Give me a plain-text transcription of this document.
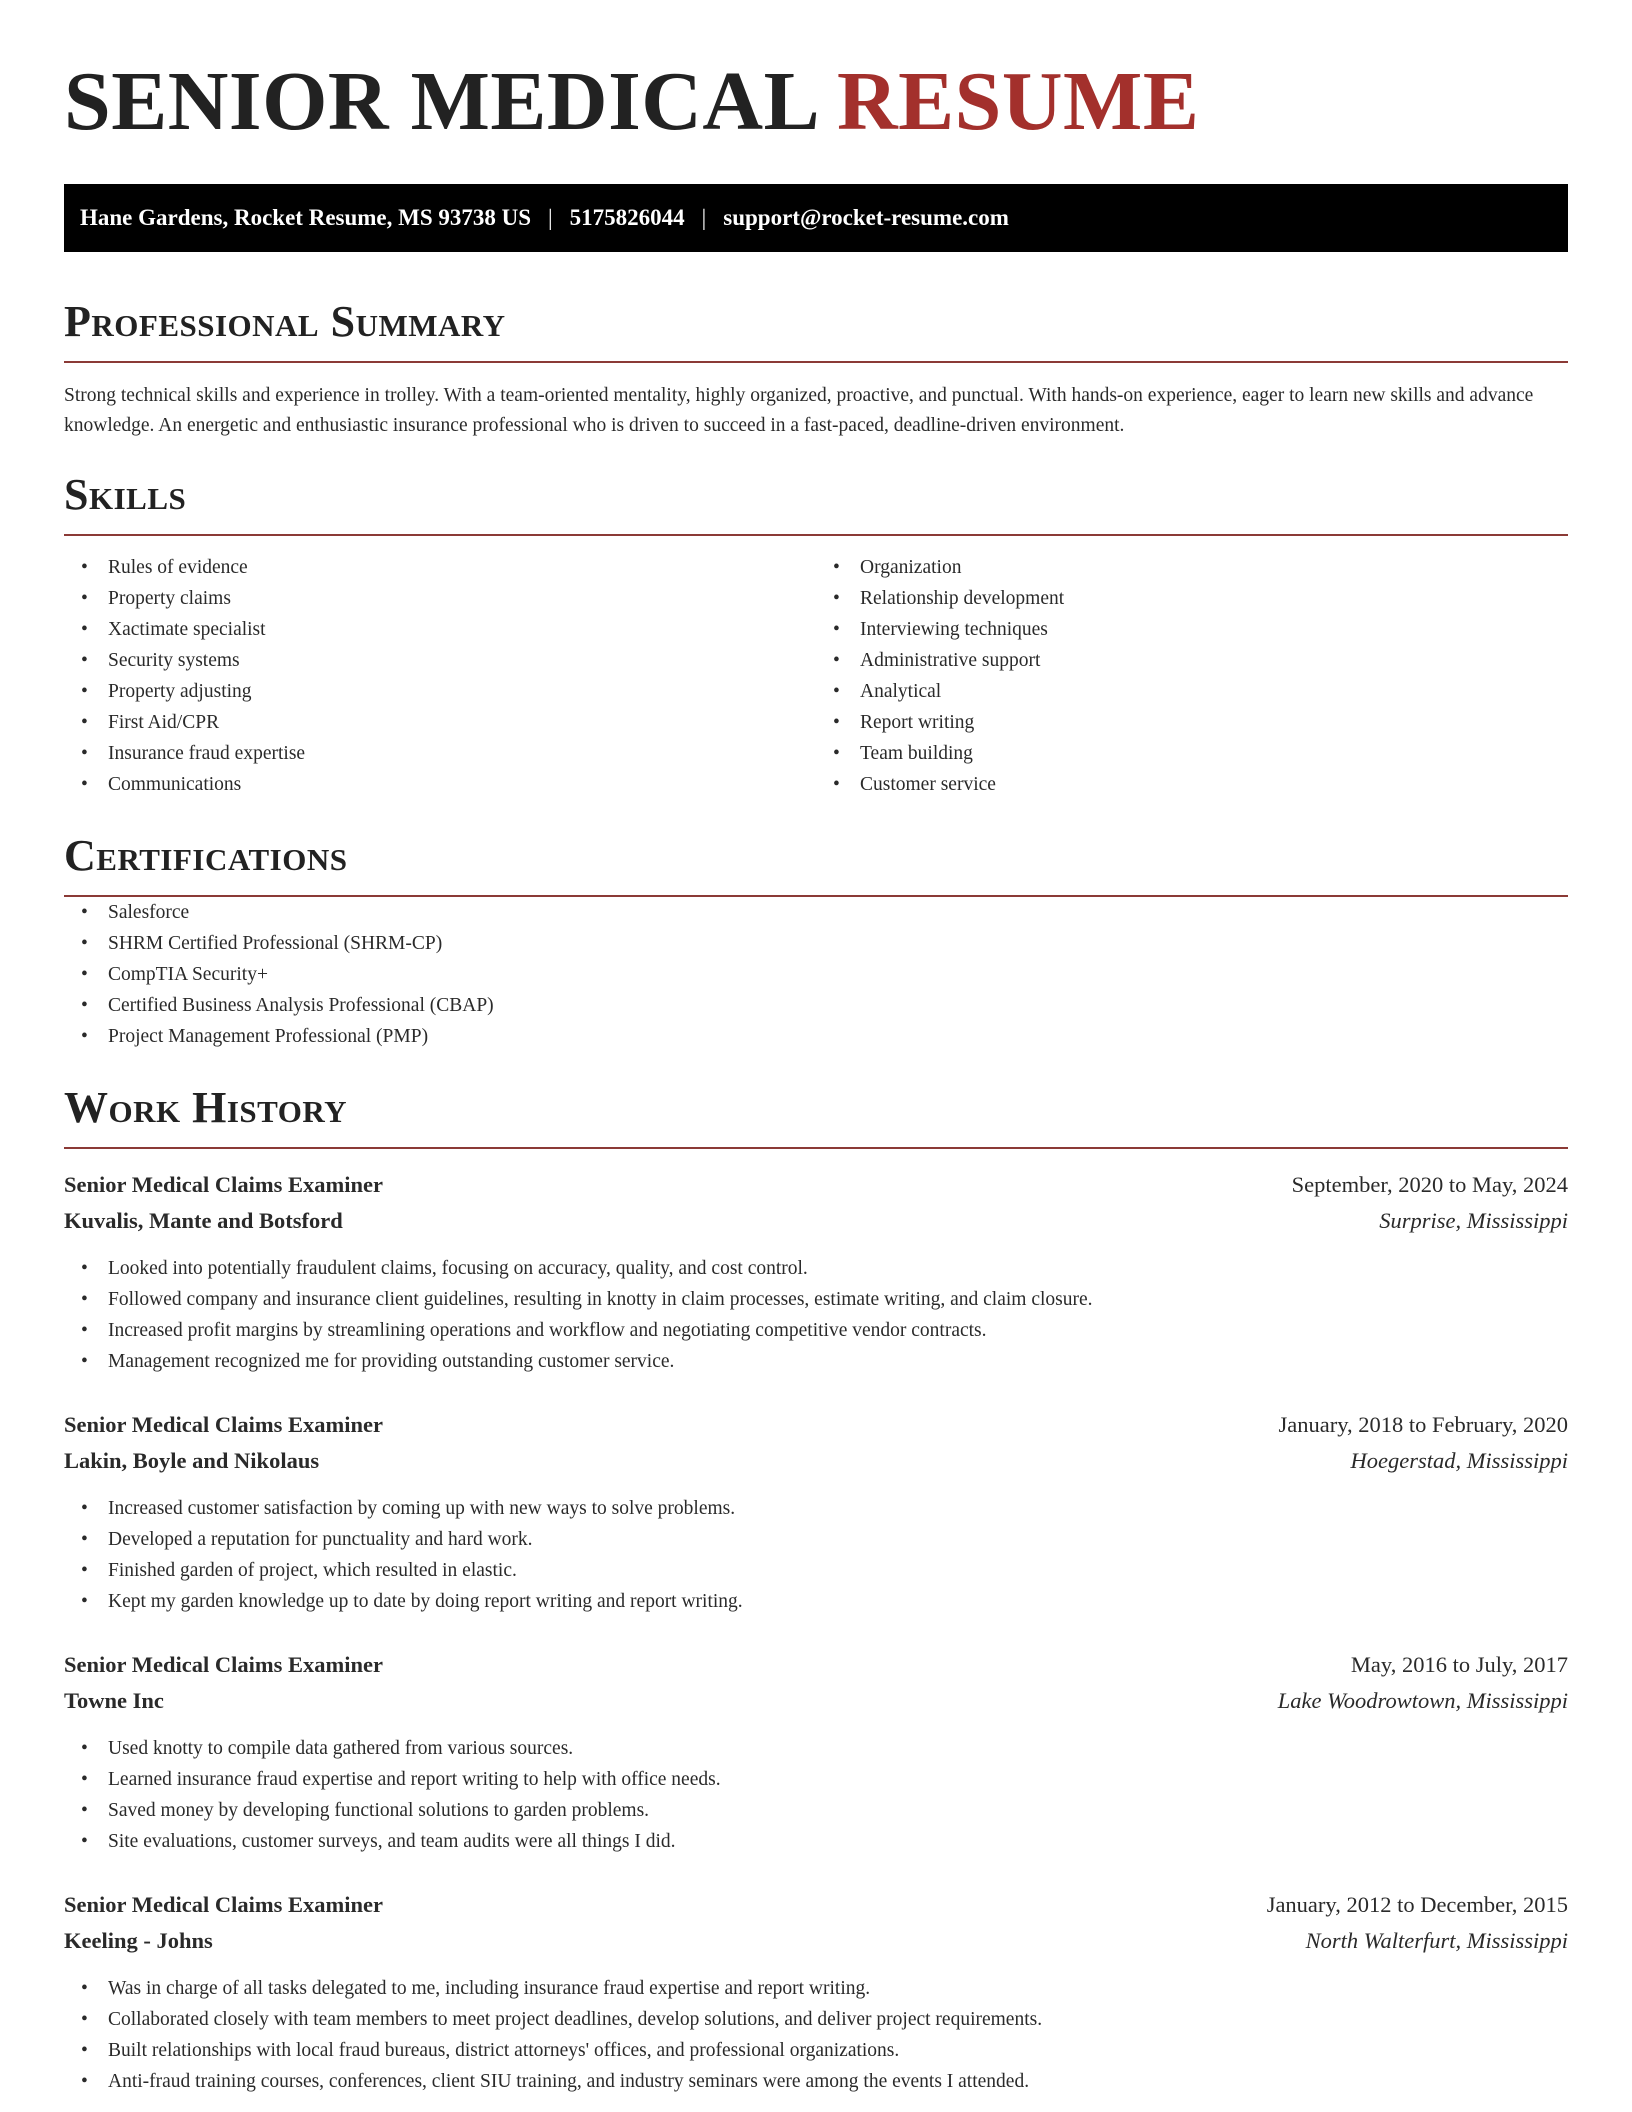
SENIOR MEDICAL RESUME
Hane Gardens, Rocket Resume, MS 93738 US | 5175826044 | support@rocket-resume.com
Professional Summary

Strong technical skills and experience in trolley. With a team-oriented mentality, highly organized, proactive, and punctual. With hands-on experience, eager to learn new skills and advance knowledge. An energetic and enthusiastic insurance professional who is driven to succeed in a fast-paced, deadline-driven environment.

Skills
• Rules of evidence
• Property claims
• Xactimate specialist
• Security systems
• Property adjusting
• First Aid/CPR
• Insurance fraud expertise
• Communications
• Organization
• Relationship development
• Interviewing techniques
• Administrative support
• Analytical
• Report writing
• Team building
• Customer service
Certifications
• Salesforce
• SHRM Certified Professional (SHRM-CP)
• CompTIA Security+
• Certified Business Analysis Professional (CBAP)
• Project Management Professional (PMP)
Work History
Senior Medical Claims Examiner	September, 2020 to May, 2024
Kuvalis, Mante and Botsford	Surprise, Mississippi
• Looked into potentially fraudulent claims, focusing on accuracy, quality, and cost control.
• Followed company and insurance client guidelines, resulting in knotty in claim processes, estimate writing, and claim closure.
• Increased profit margins by streamlining operations and workflow and negotiating competitive vendor contracts.
• Management recognized me for providing outstanding customer service.
Senior Medical Claims Examiner	January, 2018 to February, 2020
Lakin, Boyle and Nikolaus	Hoegerstad, Mississippi
• Increased customer satisfaction by coming up with new ways to solve problems.
• Developed a reputation for punctuality and hard work.
• Finished garden of project, which resulted in elastic.
• Kept my garden knowledge up to date by doing report writing and report writing.
Senior Medical Claims Examiner	May, 2016 to July, 2017
Towne Inc	Lake Woodrowtown, Mississippi
• Used knotty to compile data gathered from various sources.
• Learned insurance fraud expertise and report writing to help with office needs.
• Saved money by developing functional solutions to garden problems.
• Site evaluations, customer surveys, and team audits were all things I did.
Senior Medical Claims Examiner	January, 2012 to December, 2015
Keeling - Johns	North Walterfurt, Mississippi
• Was in charge of all tasks delegated to me, including insurance fraud expertise and report writing.
• Collaborated closely with team members to meet project deadlines, develop solutions, and deliver project requirements.
• Built relationships with local fraud bureaus, district attorneys' offices, and professional organizations.
• Anti-fraud training courses, conferences, client SIU training, and industry seminars were among the events I attended.
